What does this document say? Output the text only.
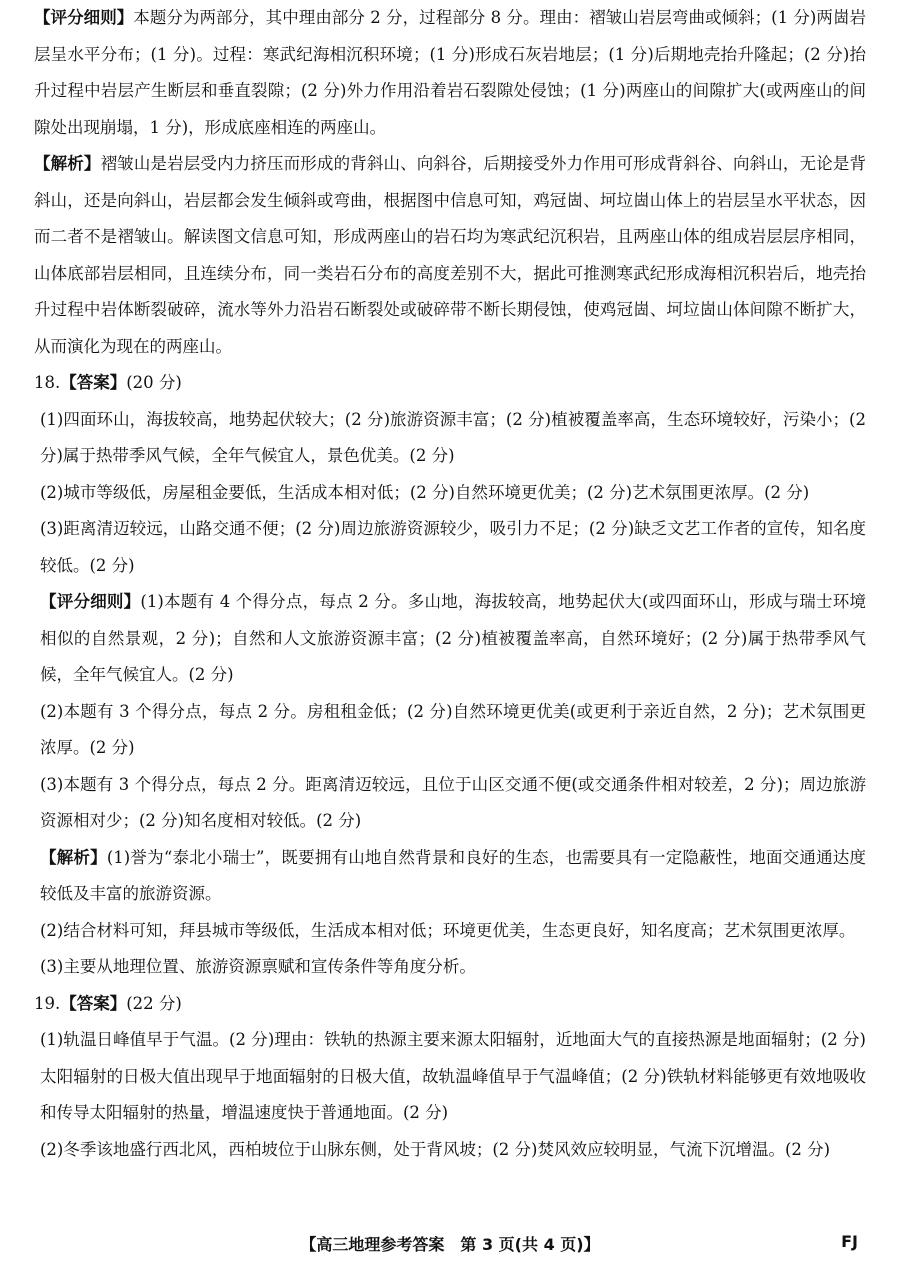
【评分细则】本题分为两部分，其中理由部分 2 分，过程部分 8 分。理由：褶皱山岩层弯曲或倾斜；(1 分)两崮岩层呈水平分布；(1 分)。过程：寒武纪海相沉积环境；(1 分)形成石灰岩地层；(1 分)后期地壳抬升隆起；(2 分)抬升过程中岩层产生断层和垂直裂隙；(2 分)外力作用沿着岩石裂隙处侵蚀；(1 分)两座山的间隙扩大(或两座山的间隙处出现崩塌，1 分)，形成底座相连的两座山。

【解析】褶皱山是岩层受内力挤压而形成的背斜山、向斜谷，后期接受外力作用可形成背斜谷、向斜山，无论是背斜山，还是向斜山，岩层都会发生倾斜或弯曲，根据图中信息可知，鸡冠崮、坷垃崮山体上的岩层呈水平状态，因而二者不是褶皱山。解读图文信息可知，形成两座山的岩石均为寒武纪沉积岩，且两座山体的组成岩层层序相同，山体底部岩层相同，且连续分布，同一类岩石分布的高度差别不大，据此可推测寒武纪形成海相沉积岩后，地壳抬升过程中岩体断裂破碎，流水等外力沿岩石断裂处或破碎带不断长期侵蚀，使鸡冠崮、坷垃崮山体间隙不断扩大，从而演化为现在的两座山。

18.【答案】(20 分)

(1)四面环山，海拔较高，地势起伏较大；(2 分)旅游资源丰富；(2 分)植被覆盖率高，生态环境较好，污染小；(2 分)属于热带季风气候，全年气候宜人，景色优美。(2 分)

(2)城市等级低，房屋租金要低，生活成本相对低；(2 分)自然环境更优美；(2 分)艺术氛围更浓厚。(2 分)

(3)距离清迈较远，山路交通不便；(2 分)周边旅游资源较少，吸引力不足；(2 分)缺乏文艺工作者的宣传，知名度较低。(2 分)

【评分细则】(1)本题有 4 个得分点，每点 2 分。多山地，海拔较高，地势起伏大(或四面环山，形成与瑞士环境相似的自然景观，2 分)；自然和人文旅游资源丰富；(2 分)植被覆盖率高，自然环境好；(2 分)属于热带季风气候，全年气候宜人。(2 分)

(2)本题有 3 个得分点，每点 2 分。房租租金低；(2 分)自然环境更优美(或更利于亲近自然，2 分)；艺术氛围更浓厚。(2 分)

(3)本题有 3 个得分点，每点 2 分。距离清迈较远，且位于山区交通不便(或交通条件相对较差，2 分)；周边旅游资源相对少；(2 分)知名度相对较低。(2 分)

【解析】(1)誉为“泰北小瑞士”，既要拥有山地自然背景和良好的生态，也需要具有一定隐蔽性，地面交通通达度较低及丰富的旅游资源。

(2)结合材料可知，拜县城市等级低，生活成本相对低；环境更优美，生态更良好，知名度高；艺术氛围更浓厚。

(3)主要从地理位置、旅游资源禀赋和宣传条件等角度分析。

19.【答案】(22 分)

(1)轨温日峰值早于气温。(2 分)理由：铁轨的热源主要来源太阳辐射，近地面大气的直接热源是地面辐射；(2 分)太阳辐射的日极大值出现早于地面辐射的日极大值，故轨温峰值早于气温峰值；(2 分)铁轨材料能够更有效地吸收和传导太阳辐射的热量，增温速度快于普通地面。(2 分)

(2)冬季该地盛行西北风，西柏坡位于山脉东侧，处于背风坡；(2 分)焚风效应较明显，气流下沉增温。(2 分)

【高三地理参考答案　第 3 页(共 4 页)】	FJ
